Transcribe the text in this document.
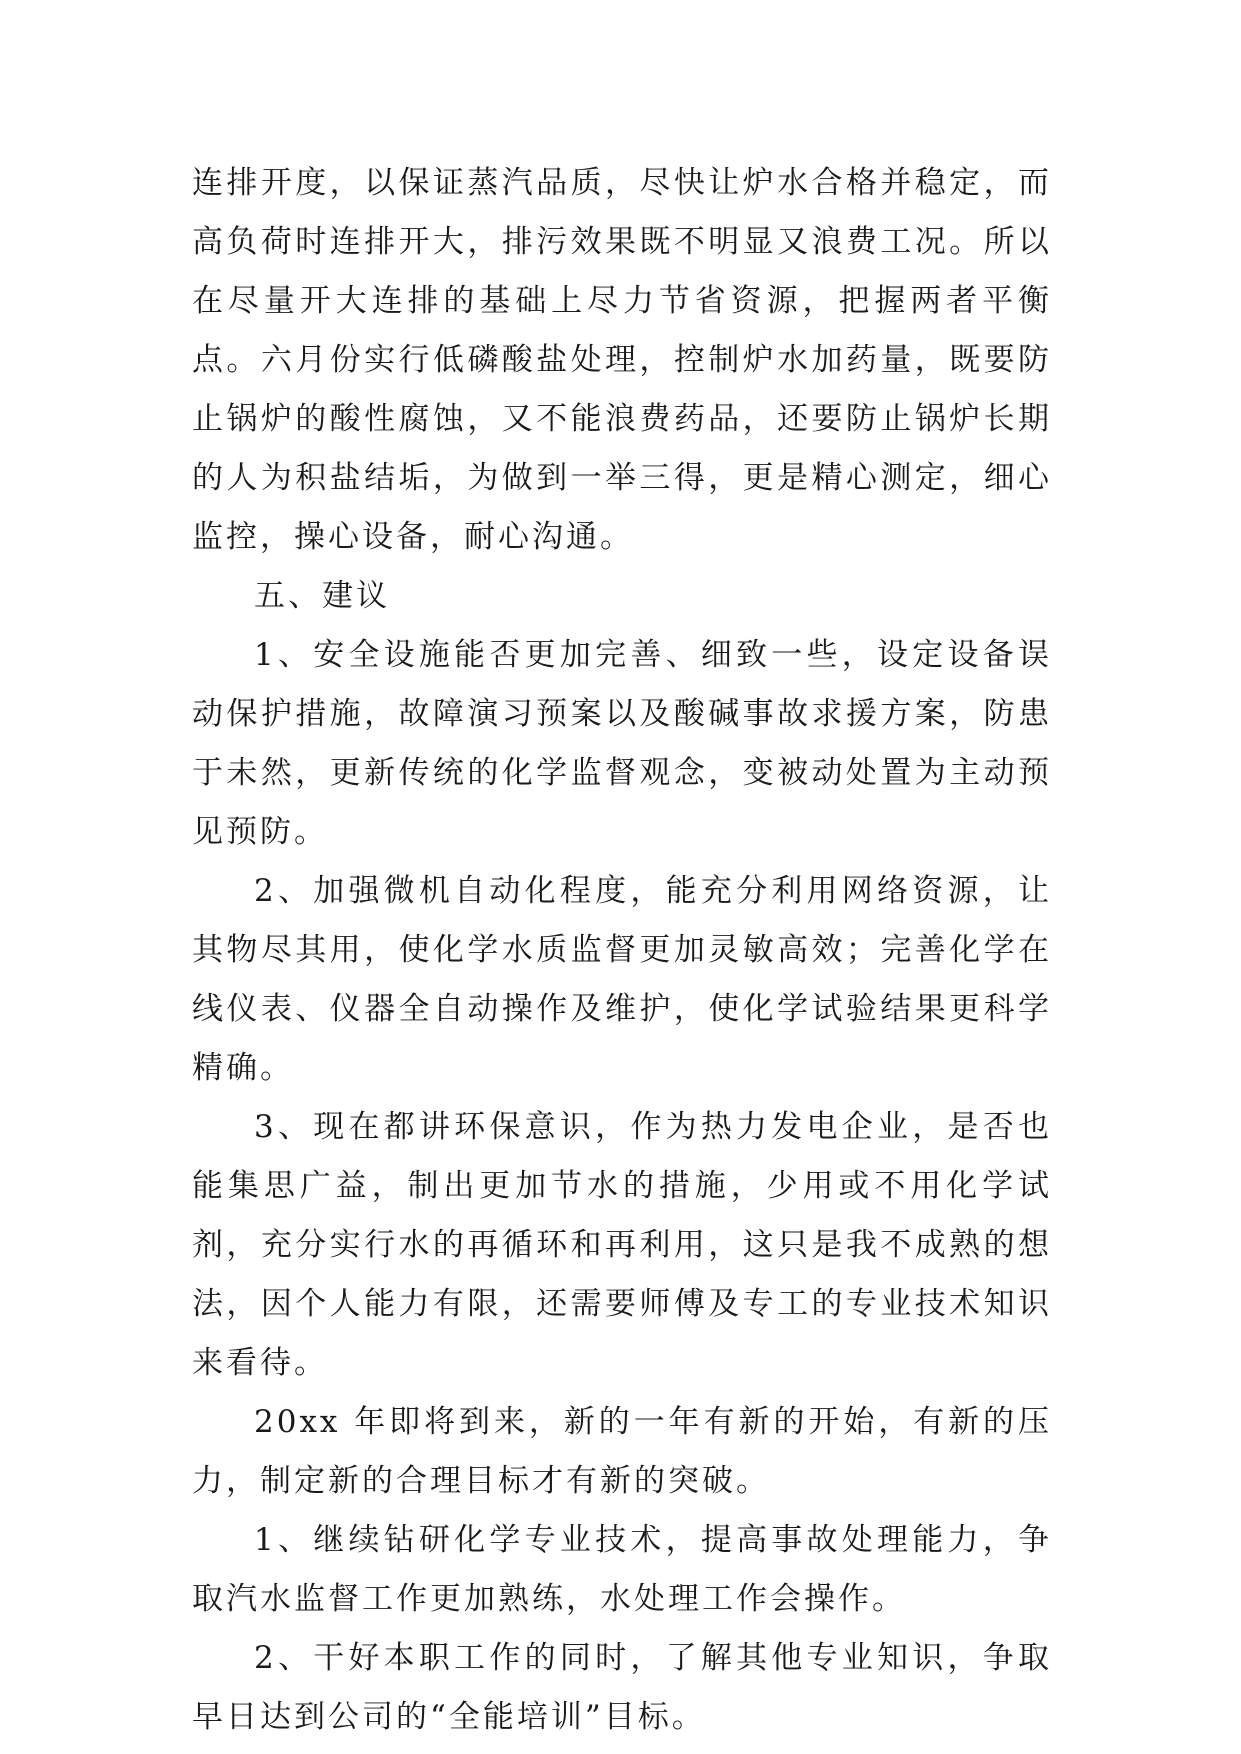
连排开度，以保证蒸汽品质，尽快让炉水合格并稳定，而高负荷时连排开大，排污效果既不明显又浪费工况。所以在尽量开大连排的基础上尽力节省资源，把握两者平衡点。六月份实行低磷酸盐处理，控制炉水加药量，既要防止锅炉的酸性腐蚀，又不能浪费药品，还要防止锅炉长期的人为积盐结垢，为做到一举三得，更是精心测定，细心监控，操心设备，耐心沟通。

五、建议

1、安全设施能否更加完善、细致一些，设定设备误动保护措施，故障演习预案以及酸碱事故求援方案，防患于未然，更新传统的化学监督观念，变被动处置为主动预见预防。

2、加强微机自动化程度，能充分利用网络资源，让其物尽其用，使化学水质监督更加灵敏高效；完善化学在线仪表、仪器全自动操作及维护，使化学试验结果更科学精确。

3、现在都讲环保意识，作为热力发电企业，是否也能集思广益，制出更加节水的措施，少用或不用化学试剂，充分实行水的再循环和再利用，这只是我不成熟的想法，因个人能力有限，还需要师傅及专工的专业技术知识来看待。

20xx 年即将到来，新的一年有新的开始，有新的压力，制定新的合理目标才有新的突破。

1、继续钻研化学专业技术，提高事故处理能力，争取汽水监督工作更加熟练，水处理工作会操作。

2、干好本职工作的同时，了解其他专业知识，争取早日达到公司的“全能培训”目标。
